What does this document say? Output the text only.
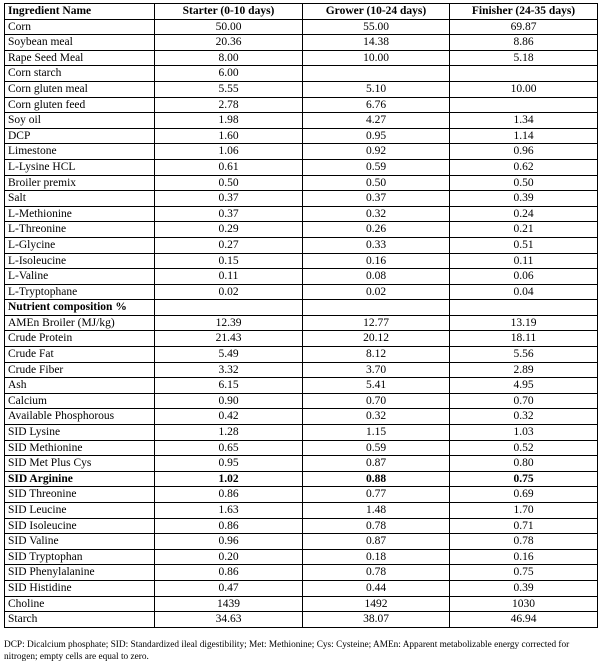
Ingredient Name	Starter (0-10 days)	Grower (10-24 days)	Finisher (24-35 days)
Corn	50.00	55.00	69.87
Soybean meal	20.36	14.38	8.86
Rape Seed Meal	8.00	10.00	5.18
Corn starch	6.00		
Corn gluten meal	5.55	5.10	10.00
Corn gluten feed	2.78	6.76	
Soy oil	1.98	4.27	1.34
DCP	1.60	0.95	1.14
Limestone	1.06	0.92	0.96
L-Lysine HCL	0.61	0.59	0.62
Broiler premix	0.50	0.50	0.50
Salt	0.37	0.37	0.39
L-Methionine	0.37	0.32	0.24
L-Threonine	0.29	0.26	0.21
L-Glycine	0.27	0.33	0.51
L-Isoleucine	0.15	0.16	0.11
L-Valine	0.11	0.08	0.06
L-Tryptophane	0.02	0.02	0.04
Nutrient composition %			
AMEn Broiler (MJ/kg)	12.39	12.77	13.19
Crude Protein	21.43	20.12	18.11
Crude Fat	5.49	8.12	5.56
Crude Fiber	3.32	3.70	2.89
Ash	6.15	5.41	4.95
Calcium	0.90	0.70	0.70
Available Phosphorous	0.42	0.32	0.32
SID Lysine	1.28	1.15	1.03
SID Methionine	0.65	0.59	0.52
SID Met Plus Cys	0.95	0.87	0.80
SID Arginine	1.02	0.88	0.75
SID Threonine	0.86	0.77	0.69
SID Leucine	1.63	1.48	1.70
SID Isoleucine	0.86	0.78	0.71
SID Valine	0.96	0.87	0.78
SID Tryptophan	0.20	0.18	0.16
SID Phenylalanine	0.86	0.78	0.75
SID Histidine	0.47	0.44	0.39
Choline	1439	1492	1030
Starch	34.63	38.07	46.94
DCP: Dicalcium phosphate; SID: Standardized ileal digestibility; Met: Methionine; Cys: Cysteine; AMEn: Apparent metabolizable energy corrected for nitrogen; empty cells are equal to zero.
